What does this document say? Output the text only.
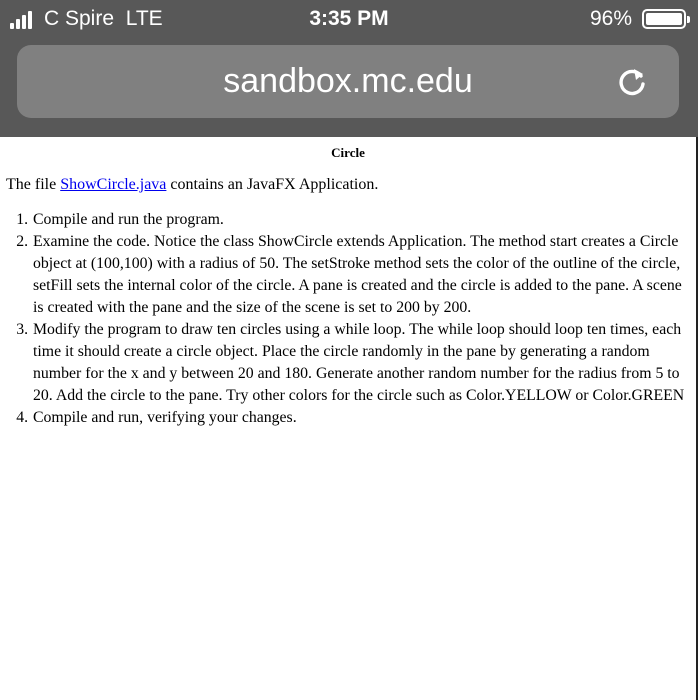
C Spire LTE	3:35 PM	96%
sandbox.mc.edu
Circle
The file ShowCircle.java contains an JavaFX Application.
1. Compile and run the program.
2. Examine the code. Notice the class ShowCircle extends Application. The method start creates a Circle object at (100,100) with a radius of 50. The setStroke method sets the color of the outline of the circle, setFill sets the internal color of the circle. A pane is created and the circle is added to the pane. A scene is created with the pane and the size of the scene is set to 200 by 200.
3. Modify the program to draw ten circles using a while loop. The while loop should loop ten times, each time it should create a circle object. Place the circle randomly in the pane by generating a random number for the x and y between 20 and 180. Generate another random number for the radius from 5 to 20. Add the circle to the pane. Try other colors for the circle such as Color.YELLOW or Color.GREEN
4. Compile and run, verifying your changes.
